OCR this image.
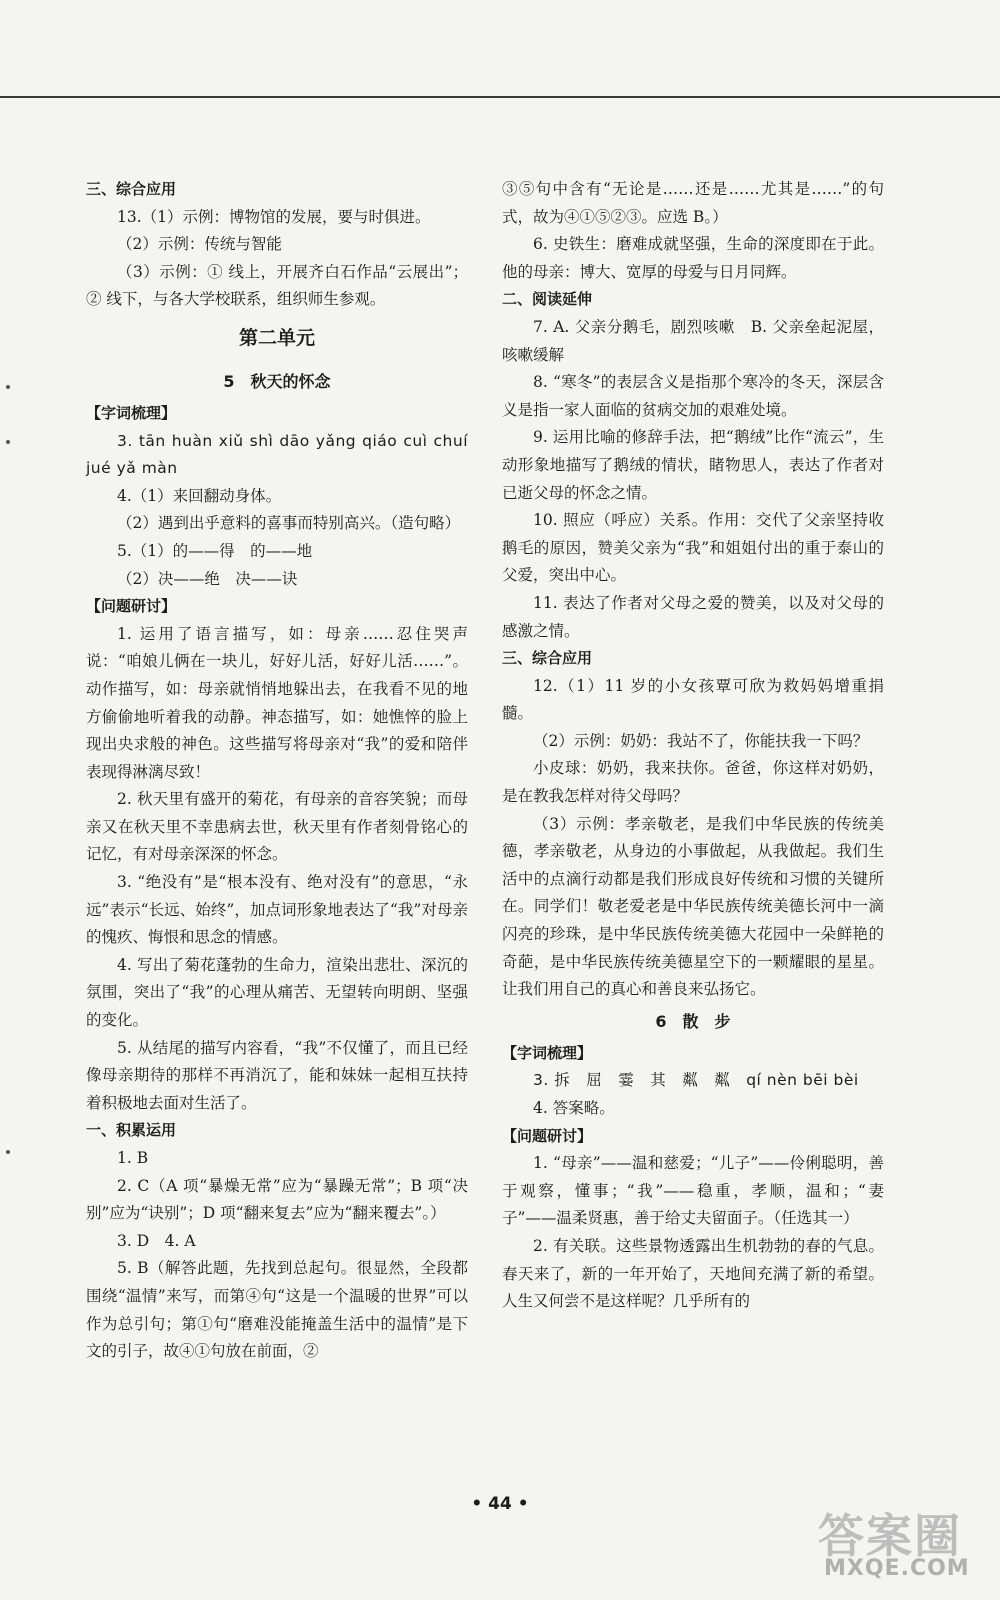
三、综合应用

13.（1）示例：博物馆的发展，要与时俱进。

（2）示例：传统与智能

（3）示例：① 线上，开展齐白石作品“云展出”；② 线下，与各大学校联系，组织师生参观。

第二单元

5　秋天的怀念

【字词梳理】

3. tān huàn xiǔ shì dāo yǎng qiáo cuì chuí jué yǎ màn

4.（1）来回翻动身体。

（2）遇到出乎意料的喜事而特别高兴。（造句略）

5.（1）的——得　的——地

（2）决——绝　决——诀

【问题研讨】

1. 运用了语言描写，如：母亲……忍住哭声说：“咱娘儿俩在一块儿，好好儿活，好好儿活……”。动作描写，如：母亲就悄悄地躲出去，在我看不见的地方偷偷地听着我的动静。神态描写，如：她憔悴的脸上现出央求般的神色。这些描写将母亲对“我”的爱和陪伴表现得淋漓尽致！

2. 秋天里有盛开的菊花，有母亲的音容笑貌；而母亲又在秋天里不幸患病去世，秋天里有作者刻骨铭心的记忆，有对母亲深深的怀念。

3. “绝没有”是“根本没有、绝对没有”的意思，“永远”表示“长远、始终”，加点词形象地表达了“我”对母亲的愧疚、悔恨和思念的情感。

4. 写出了菊花蓬勃的生命力，渲染出悲壮、深沉的氛围，突出了“我”的心理从痛苦、无望转向明朗、坚强的变化。

5. 从结尾的描写内容看，“我”不仅懂了，而且已经像母亲期待的那样不再消沉了，能和妹妹一起相互扶持着积极地去面对生活了。

一、积累运用

1. B

2. C（A 项“暴燥无常”应为“暴躁无常”；B 项“决别”应为“诀别”；D 项“翻来复去”应为“翻来覆去”。）

3. D　4. A

5. B（解答此题，先找到总起句。很显然，全段都围绕“温情”来写，而第④句“这是一个温暖的世界”可以作为总引句；第①句“磨难没能掩盖生活中的温情”是下文的引子，故④①句放在前面，②

③⑤句中含有“无论是……还是……尤其是……”的句式，故为④①⑤②③。应选 B。）

6. 史铁生：磨难成就坚强，生命的深度即在于此。他的母亲：博大、宽厚的母爱与日月同辉。

二、阅读延伸

7. A. 父亲分鹅毛，剧烈咳嗽　B. 父亲垒起泥屋，咳嗽缓解

8. “寒冬”的表层含义是指那个寒冷的冬天，深层含义是指一家人面临的贫病交加的艰难处境。

9. 运用比喻的修辞手法，把“鹅绒”比作“流云”，生动形象地描写了鹅绒的情状，睹物思人，表达了作者对已逝父母的怀念之情。

10. 照应（呼应）关系。作用：交代了父亲坚持收鹅毛的原因，赞美父亲为“我”和姐姐付出的重于泰山的父爱，突出中心。

11. 表达了作者对父母之爱的赞美，以及对父母的感激之情。

三、综合应用

12.（1）11 岁的小女孩覃可欣为救妈妈增重捐髓。

（2）示例：奶奶：我站不了，你能扶我一下吗？

小皮球：奶奶，我来扶你。爸爸，你这样对奶奶，是在教我怎样对待父母吗？

（3）示例：孝亲敬老，是我们中华民族的传统美德，孝亲敬老，从身边的小事做起，从我做起。我们生活中的点滴行动都是我们形成良好传统和习惯的关键所在。同学们！敬老爱老是中华民族传统美德长河中一滴闪亮的珍珠，是中华民族传统美德大花园中一朵鲜艳的奇葩，是中华民族传统美德星空下的一颗耀眼的星星。让我们用自己的真心和善良来弘扬它。

6　散　步

【字词梳理】

3. 拆　屈　霎　其　粼　粼　qí nèn bēi bèi

4. 答案略。

【问题研讨】

1. “母亲”——温和慈爱；“儿子”——伶俐聪明，善于观察，懂事；“我”——稳重，孝顺，温和；“妻子”——温柔贤惠，善于给丈夫留面子。（任选其一）

2. 有关联。这些景物透露出生机勃勃的春的气息。春天来了，新的一年开始了，天地间充满了新的希望。人生又何尝不是这样呢？几乎所有的

• 44 •
答案圈
MXQE.COM
